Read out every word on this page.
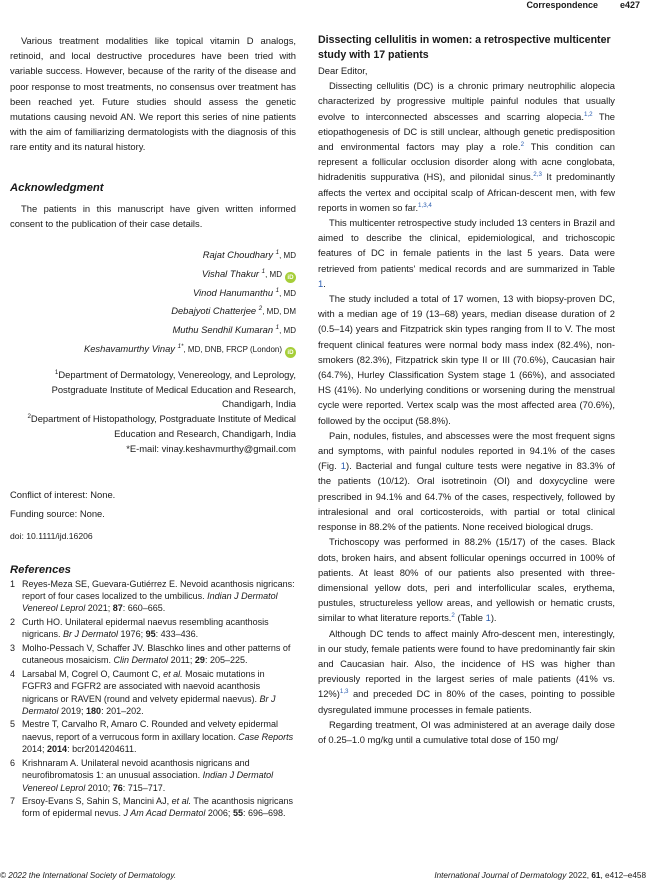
Correspondence e427

Various treatment modalities like topical vitamin D analogs, retinoid, and local destructive procedures have been tried with variable success. However, because of the rarity of the disease and poor response to most treatments, no consensus over treatment has been reached yet. Future studies should assess the genetic mutations causing nevoid AN. We report this series of nine patients with the aim of familiarizing dermatologists with the diagnosis of this rare entity and its natural history.

Acknowledgment

The patients in this manuscript have given written informed consent to the publication of their case details.

Rajat Choudhary $^1$, MD
Vishal Thakur $^1$, MD iD
Vinod Hanumanthu $^1$, MD
Debajyoti Chatterjee $^2$, MD, DM
Muthu Sendhil Kumaran $^1$, MD
Keshavamurthy Vinay $^{1*}$, MD, DNB, FRCP (London) iD
$^1$Department of Dermatology, Venereology, and Leprology, Postgraduate Institute of Medical Education and Research, Chandigarh, India
$^2$Department of Histopathology, Postgraduate Institute of Medical Education and Research, Chandigarh, India
*E-mail: vinay.keshavmurthy@gmail.com
Conflict of interest: None.
Funding source: None.
doi: 10.1111/ijd.16206
References
1 Reyes-Meza SE, Guevara-Gutiérrez E. Nevoid acanthosis nigricans: report of four cases localized to the umbilicus. Indian J Dermatol Venereol Leprol 2021; 87: 660–665.
2 Curth HO. Unilateral epidermal naevus resembling acanthosis nigricans. Br J Dermatol 1976; 95: 433–436.
3 Molho-Pessach V, Schaffer JV. Blaschko lines and other patterns of cutaneous mosaicism. Clin Dermatol 2011; 29: 205–225.
4 Larsabal M, Cogrel O, Caumont C, et al. Mosaic mutations in FGFR3 and FGFR2 are associated with naevoid acanthosis nigricans or RAVEN (round and velvety epidermal naevus). Br J Dermatol 2019; 180: 201–202.
5 Mestre T, Carvalho R, Amaro C. Rounded and velvety epidermal naevus, report of a verrucous form in axillary location. Case Reports 2014; 2014: bcr2014204611.
6 Krishnaram A. Unilateral nevoid acanthosis nigricans and neurofibromatosis 1: an unusual association. Indian J Dermatol Venereol Leprol 2010; 76: 715–717.
7 Ersoy-Evans S, Sahin S, Mancini AJ, et al. The acanthosis nigricans form of epidermal nevus. J Am Acad Dermatol 2006; 55: 696–698.
Dissecting cellulitis in women: a retrospective multicenter study with 17 patients

Dear Editor,

Dissecting cellulitis (DC) is a chronic primary neutrophilic alopecia characterized by progressive multiple painful nodules that usually evolve to interconnected abscesses and scarring alopecia.$^{1,2}$ The etiopathogenesis of DC is still unclear, although genetic predisposition and environmental factors may play a role.$^2$ This condition can represent a follicular occlusion disorder along with acne conglobata, hidradenitis suppurativa (HS), and pilonidal sinus.$^{2,3}$ It predominantly affects the vertex and occipital scalp of African-descent men, with few reports in women so far.$^{1,3,4}$

This multicenter retrospective study included 13 centers in Brazil and aimed to describe the clinical, epidemiological, and trichoscopic features of DC in female patients in the last 5 years. Data were retrieved from patients' medical records and are summarized in Table 1.

The study included a total of 17 women, 13 with biopsy-proven DC, with a median age of 19 (13–68) years, median disease duration of 2 (0.5–14) years and Fitzpatrick skin types ranging from II to V. The most frequent clinical features were normal body mass index (82.4%), non-smokers (82.3%), Fitzpatrick skin type II or III (70.6%), Caucasian hair (64.7%), Hurley Classification System stage 1 (66%), and associated HS (41%). No underlying conditions or worsening during the menstrual cycle were reported. Vertex scalp was the most affected area (70.6%), followed by the occiput (58.8%).

Pain, nodules, fistules, and abscesses were the most frequent signs and symptoms, with painful nodules reported in 94.1% of the cases (Fig. 1). Bacterial and fungal culture tests were negative in 83.3% of the patients (10/12). Oral isotretinoin (OI) and doxycycline were prescribed in 94.1% and 64.7% of the cases, respectively, followed by intralesional and oral corticosteroids, with partial or total clinical response in 88.2% of the patients. None received biological drugs.

Trichoscopy was performed in 88.2% (15/17) of the cases. Black dots, broken hairs, and absent follicular openings occurred in 100% of patients. At least 80% of our patients also presented with three-dimensional yellow dots, peri and interfollicular scales, erythema, pustules, structureless yellow areas, and yellowish or hematic crusts, similar to what literature reports.$^2$ (Table 1).

Although DC tends to affect mainly Afro-descent men, interestingly, in our study, female patients were found to have predominantly fair skin and Caucasian hair. Also, the incidence of HS was higher than previously reported in the largest series of male patients (41% vs. 12%)$^{1,3}$ and preceded DC in 80% of the cases, pointing to possible dysregulated immune processes in female patients.

Regarding treatment, OI was administered at an average daily dose of 0.25–1.0 mg/kg until a cumulative total dose of 150 mg/

© 2022 the International Society of Dermatology.	International Journal of Dermatology 2022, 61, e412–e458
